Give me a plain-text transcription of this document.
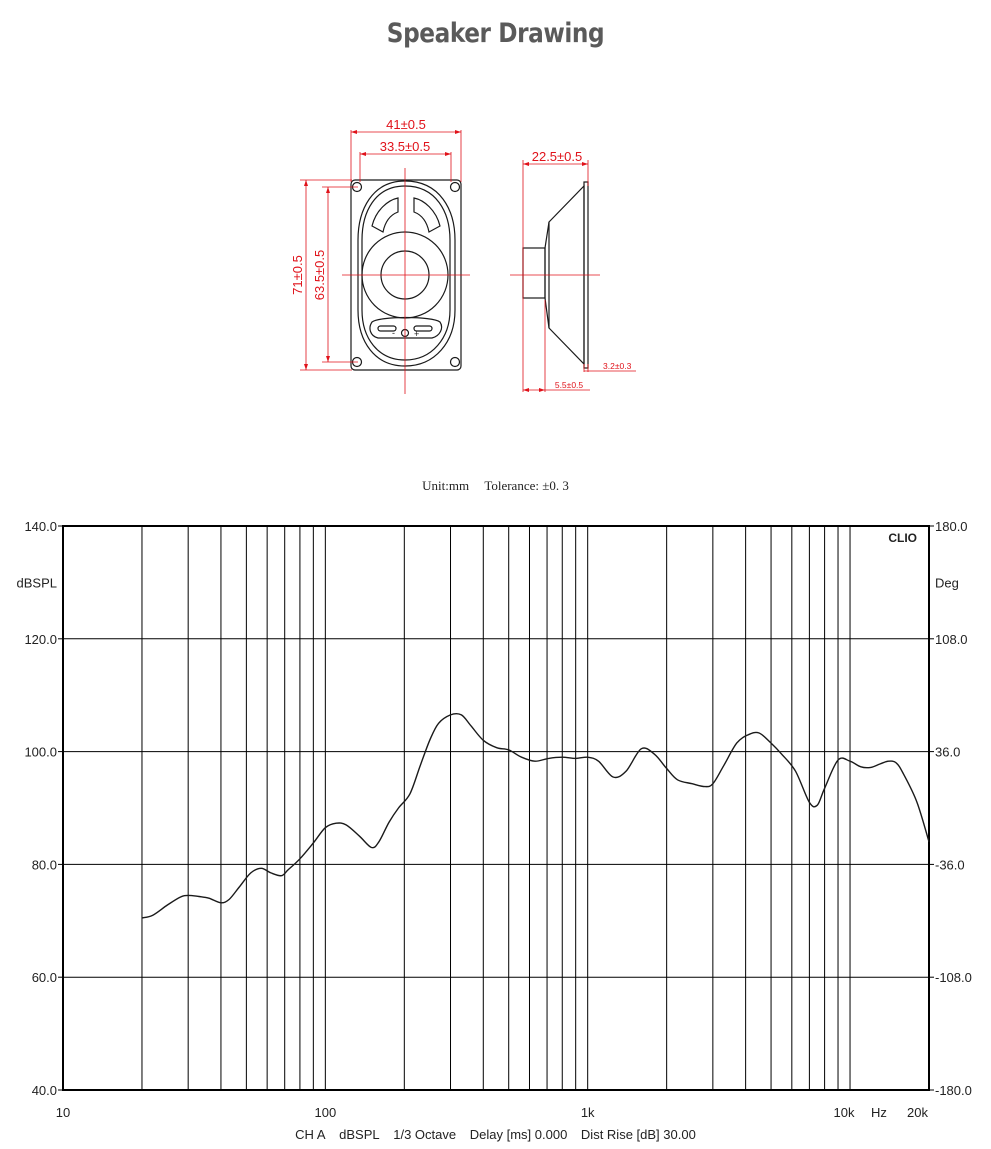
Speaker Drawing
- +
41±0.5
33.5±0.5
22.5±0.5
71±0.5 63.5±0.5
3.2±0.3
5.5±0.5
Unit:mm Tolerance: ±0. 3
140.0	180.0
120.0	108.0
100.0	36.0
80.0	-36.0
60.0	-108.0
40.0	-180.0
dBSPL	Deg
10	100	1k	10k	20k
Hz
CLIO
CH A dBSPL 1/3 Octave Delay [ms] 0.000 Dist Rise [dB] 30.00
